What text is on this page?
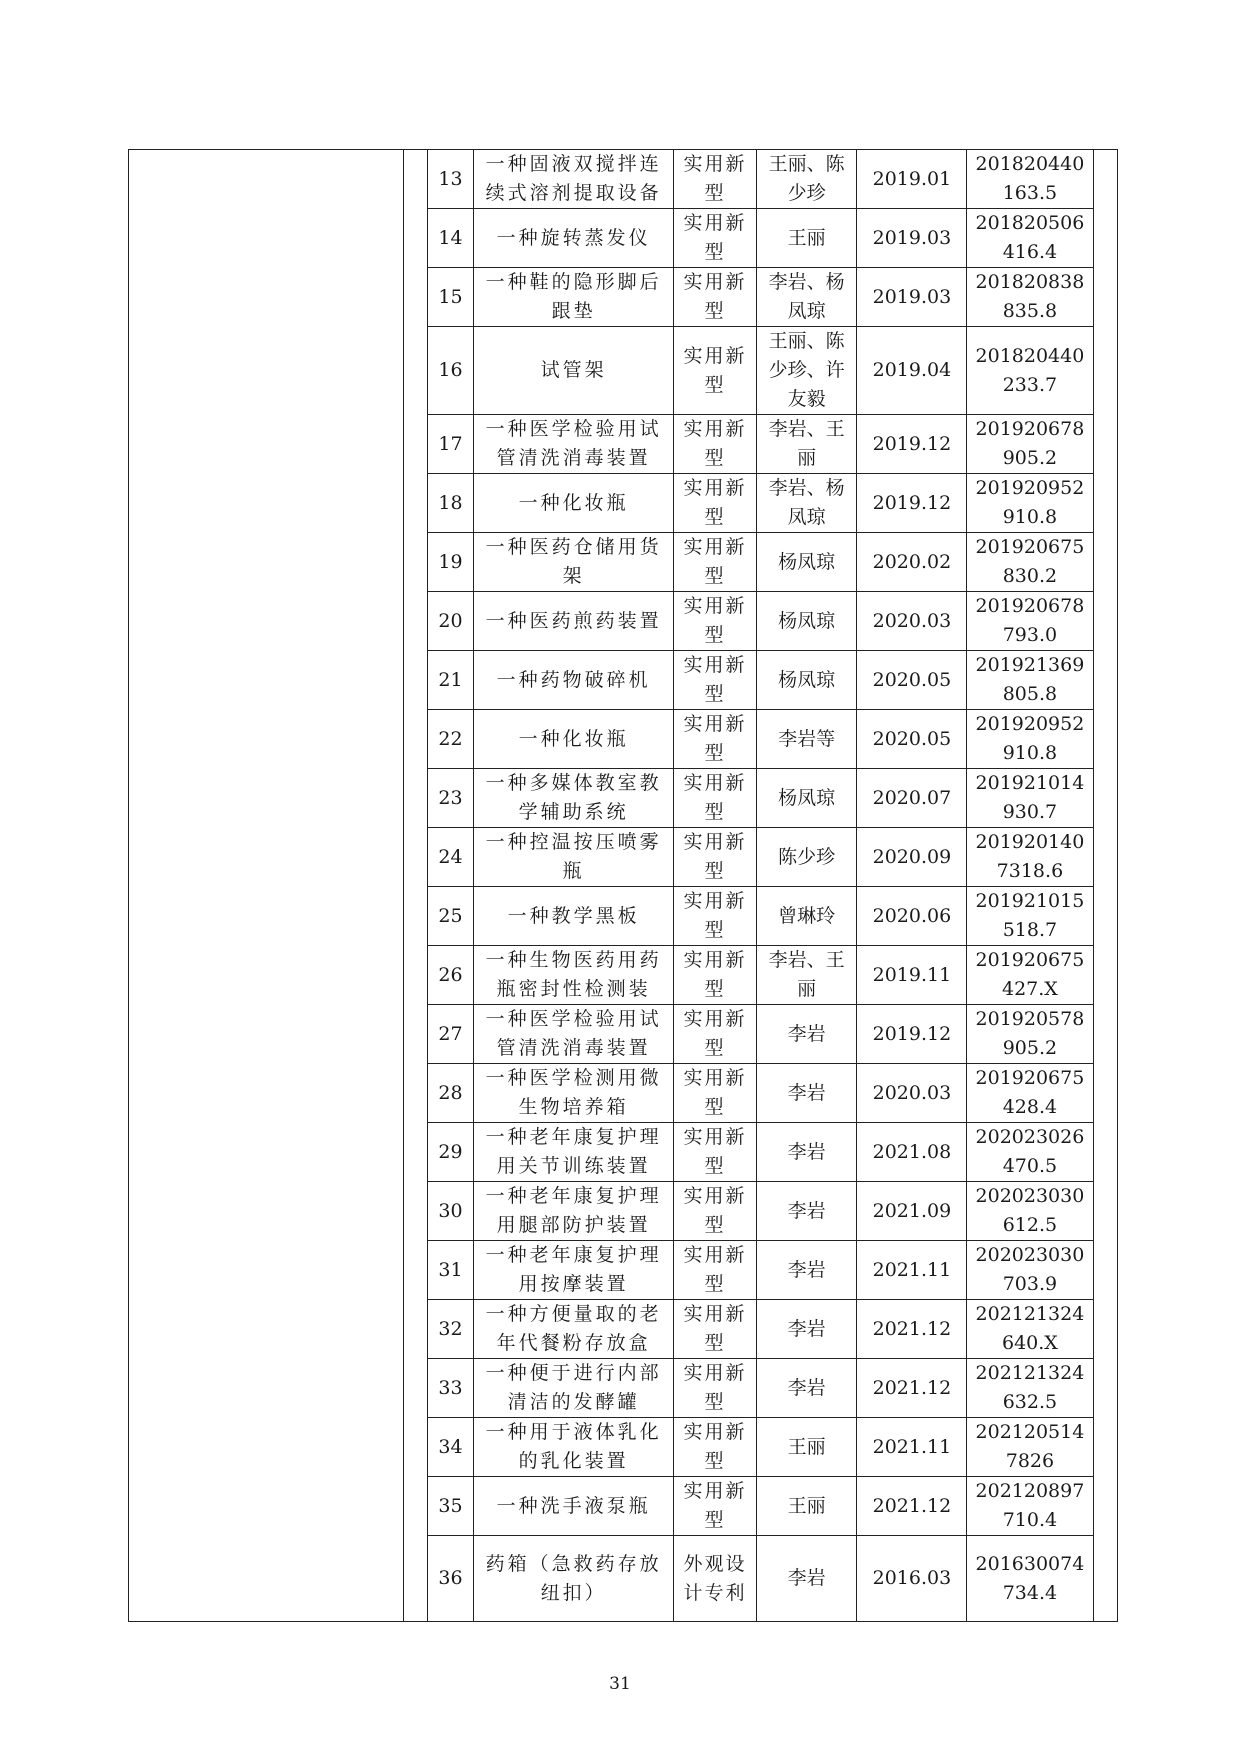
		13	一种固液双搅拌连续式溶剂提取设备	实用新型	王丽、陈少珍	2019.01	201820440163.5	
		14	一种旋转蒸发仪	实用新型	王丽	2019.03	201820506416.4	
		15	一种鞋的隐形脚后跟垫	实用新型	李岩、杨凤琼	2019.03	201820838835.8	
		16	试管架	实用新型	王丽、陈少珍、许友毅	2019.04	201820440233.7	
		17	一种医学检验用试管清洗消毒装置	实用新型	李岩、王丽	2019.12	201920678905.2	
		18	一种化妆瓶	实用新型	李岩、杨凤琼	2019.12	201920952910.8	
		19	一种医药仓储用货架	实用新型	杨凤琼	2020.02	201920675830.2	
		20	一种医药煎药装置	实用新型	杨凤琼	2020.03	201920678793.0	
		21	一种药物破碎机	实用新型	杨凤琼	2020.05	201921369805.8	
		22	一种化妆瓶	实用新型	李岩等	2020.05	201920952910.8	
		23	一种多媒体教室教学辅助系统	实用新型	杨凤琼	2020.07	201921014930.7	
		24	一种控温按压喷雾瓶	实用新型	陈少珍	2020.09	2019201407318.6	
		25	一种教学黑板	实用新型	曾琳玲	2020.06	201921015518.7	
		26	一种生物医药用药瓶密封性检测装	实用新型	李岩、王丽	2019.11	201920675427.X	
		27	一种医学检验用试管清洗消毒装置	实用新型	李岩	2019.12	201920578905.2	
		28	一种医学检测用微生物培养箱	实用新型	李岩	2020.03	201920675428.4	
		29	一种老年康复护理用关节训练装置	实用新型	李岩	2021.08	202023026470.5	
		30	一种老年康复护理用腿部防护装置	实用新型	李岩	2021.09	202023030612.5	
		31	一种老年康复护理用按摩装置	实用新型	李岩	2021.11	202023030703.9	
		32	一种方便量取的老年代餐粉存放盒	实用新型	李岩	2021.12	202121324640.X	
		33	一种便于进行内部清洁的发酵罐	实用新型	李岩	2021.12	202121324632.5	
		34	一种用于液体乳化的乳化装置	实用新型	王丽	2021.11	2021205147826	
		35	一种洗手液泵瓶	实用新型	王丽	2021.12	202120897710.4	
		36	药箱（急救药存放纽扣）	外观设计专利	李岩	2016.03	201630074734.4	
31
